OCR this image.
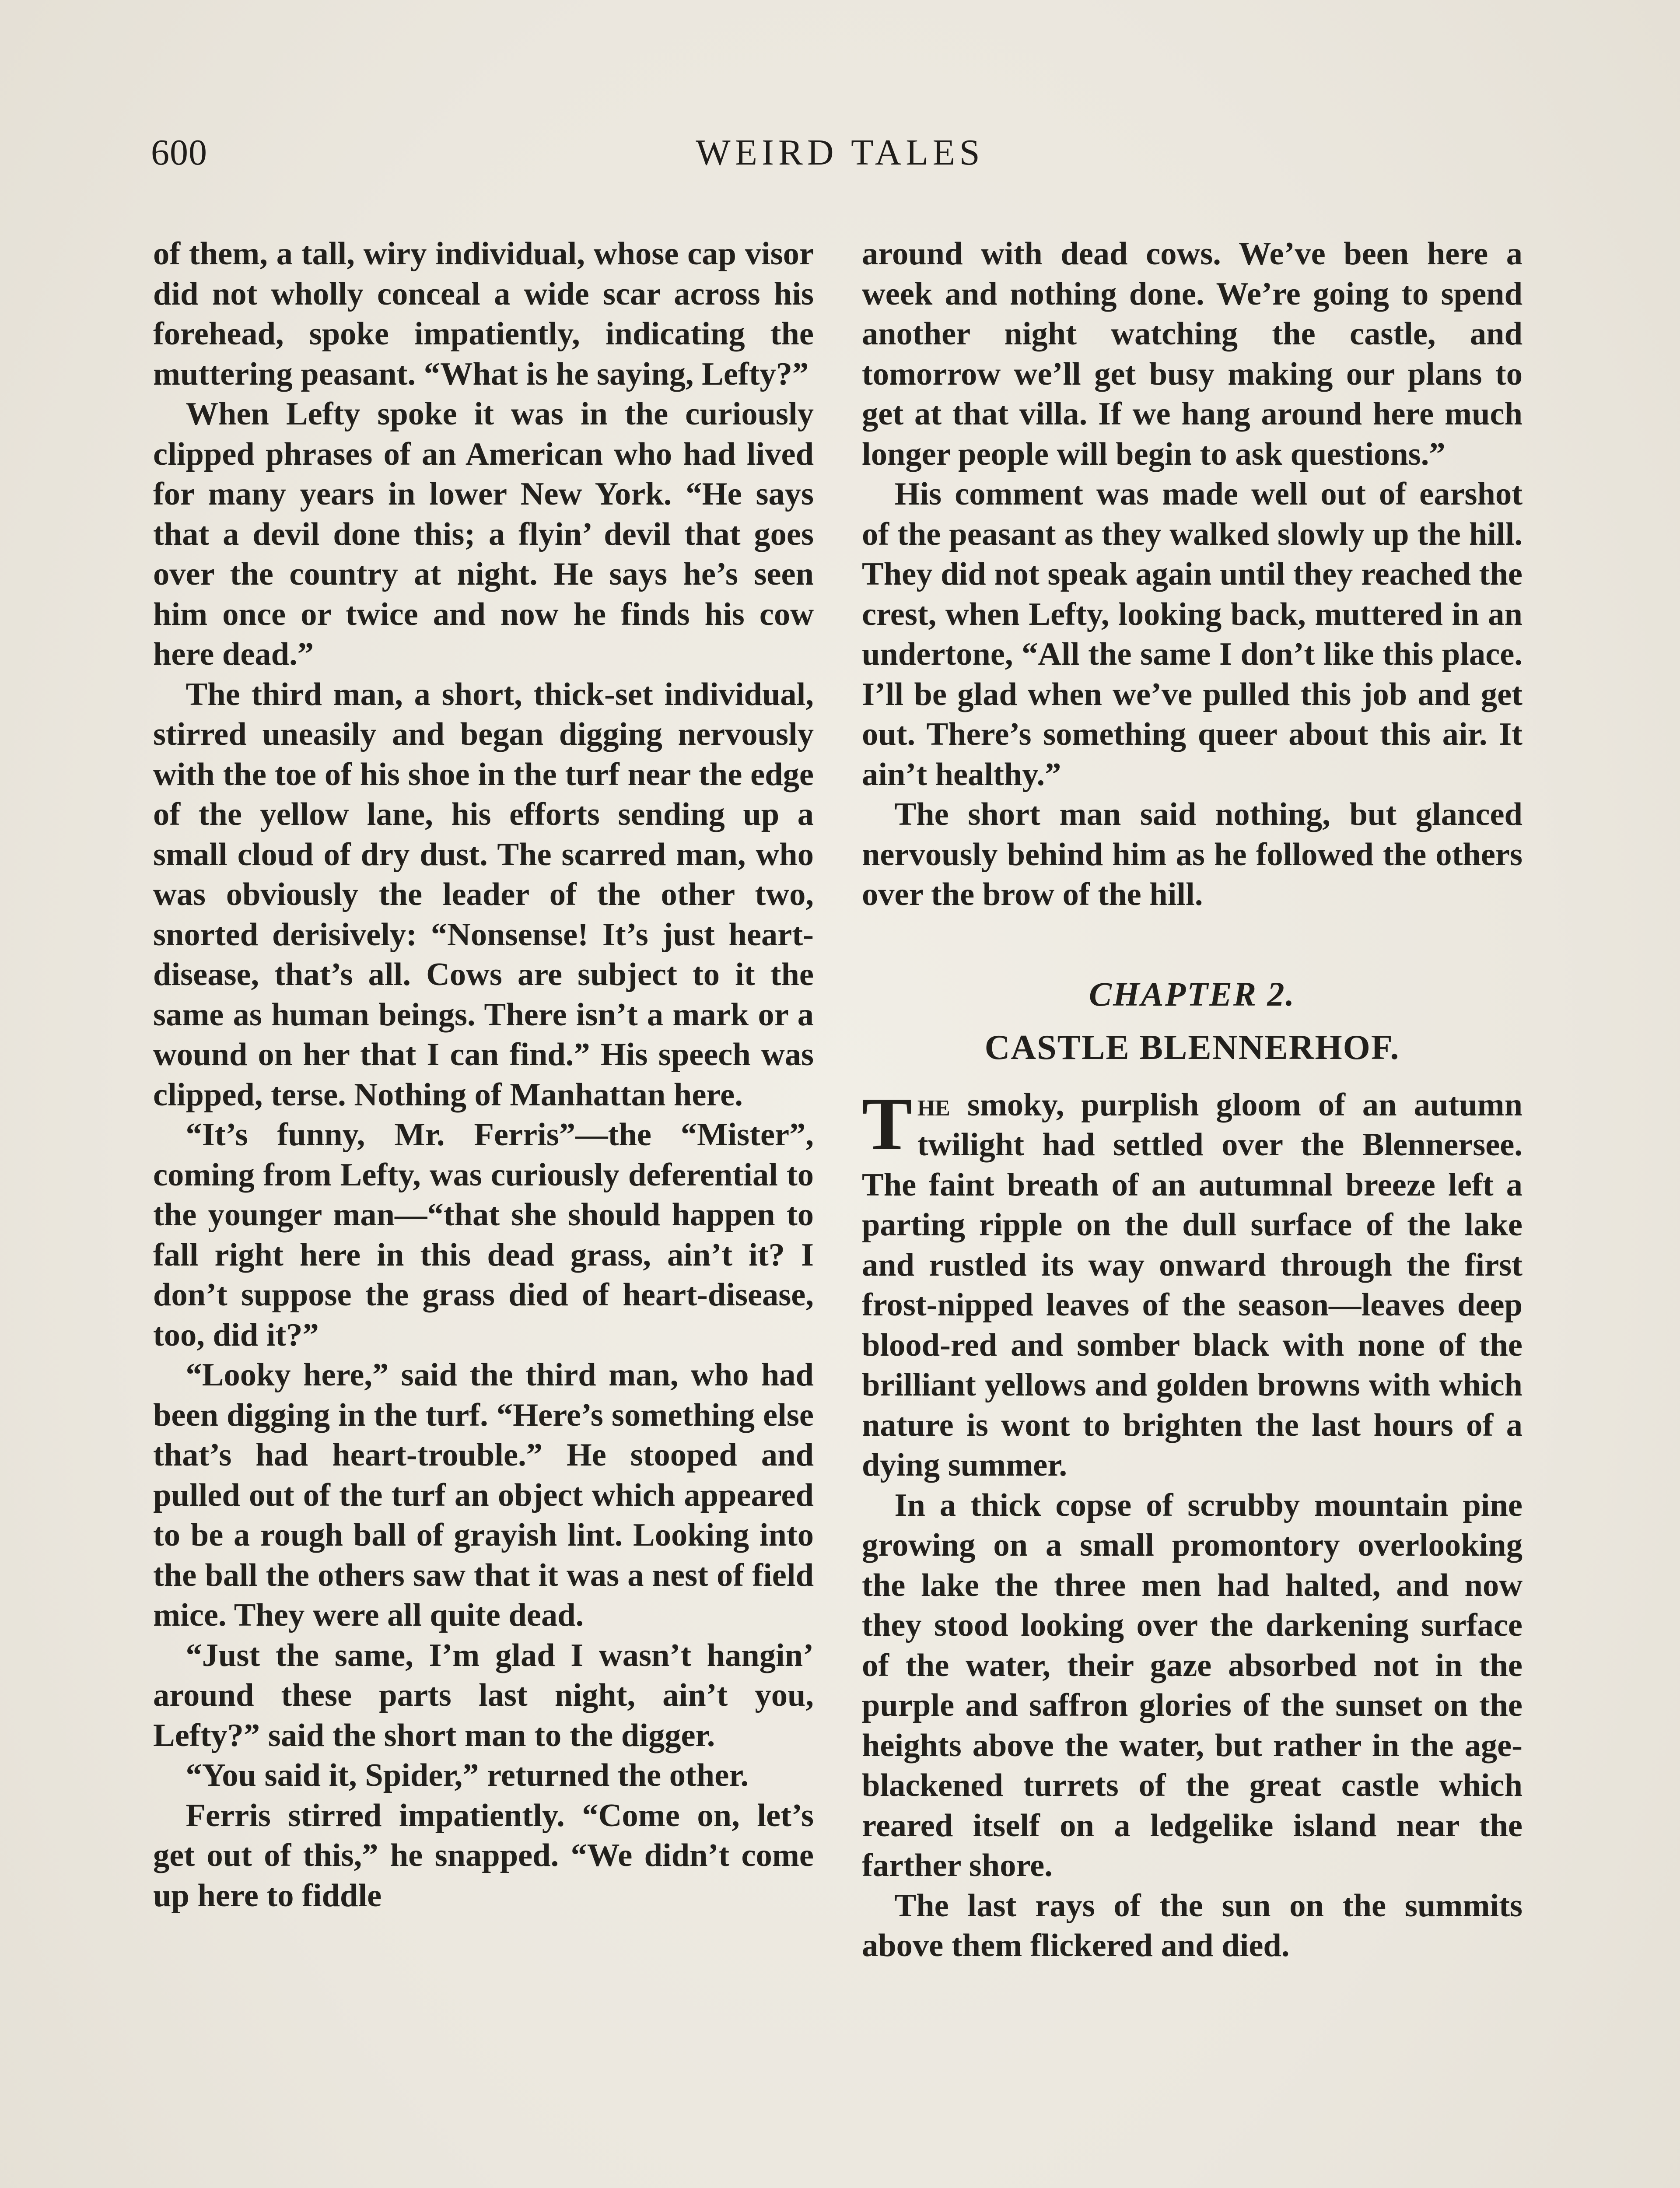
600	WEIRD TALES

of them, a tall, wiry individual, whose cap visor did not wholly conceal a wide scar across his forehead, spoke impatiently, indicating the muttering peasant. “What is he saying, Lefty?”

When Lefty spoke it was in the curiously clipped phrases of an American who had lived for many years in lower New York. “He says that a devil done this; a flyin’ devil that goes over the country at night. He says he’s seen him once or twice and now he finds his cow here dead.”

The third man, a short, thick-set individual, stirred uneasily and began digging nervously with the toe of his shoe in the turf near the edge of the yellow lane, his efforts sending up a small cloud of dry dust. The scarred man, who was obviously the leader of the other two, snorted derisively: “Nonsense! It’s just heart-disease, that’s all. Cows are subject to it the same as human beings. There isn’t a mark or a wound on her that I can find.” His speech was clipped, terse. Nothing of Manhattan here.

“It’s funny, Mr. Ferris”—the “Mister”, coming from Lefty, was curiously deferential to the younger man—“that she should happen to fall right here in this dead grass, ain’t it? I don’t suppose the grass died of heart-disease, too, did it?”

“Looky here,” said the third man, who had been digging in the turf. “Here’s something else that’s had heart-trouble.” He stooped and pulled out of the turf an object which appeared to be a rough ball of grayish lint. Looking into the ball the others saw that it was a nest of field mice. They were all quite dead.

“Just the same, I’m glad I wasn’t hangin’ around these parts last night, ain’t you, Lefty?” said the short man to the digger.

“You said it, Spider,” returned the other.

Ferris stirred impatiently. “Come on, let’s get out of this,” he snapped. “We didn’t come up here to fiddle

around with dead cows. We’ve been here a week and nothing done. We’re going to spend another night watching the castle, and tomorrow we’ll get busy making our plans to get at that villa. If we hang around here much longer people will begin to ask questions.”

His comment was made well out of earshot of the peasant as they walked slowly up the hill. They did not speak again until they reached the crest, when Lefty, looking back, muttered in an undertone, “All the same I don’t like this place. I’ll be glad when we’ve pulled this job and get out. There’s something queer about this air. It ain’t healthy.”

The short man said nothing, but glanced nervously behind him as he followed the others over the brow of the hill.

CHAPTER 2.
CASTLE BLENNERHOF.

The smoky, purplish gloom of an autumn twilight had settled over the Blennersee. The faint breath of an autumnal breeze left a parting ripple on the dull surface of the lake and rustled its way onward through the first frost-nipped leaves of the season—leaves deep blood-red and somber black with none of the brilliant yellows and golden browns with which nature is wont to brighten the last hours of a dying summer.

In a thick copse of scrubby mountain pine growing on a small promontory overlooking the lake the three men had halted, and now they stood looking over the darkening surface of the water, their gaze absorbed not in the purple and saffron glories of the sunset on the heights above the water, but rather in the age-blackened turrets of the great castle which reared itself on a ledgelike island near the farther shore.

The last rays of the sun on the summits above them flickered and died.
